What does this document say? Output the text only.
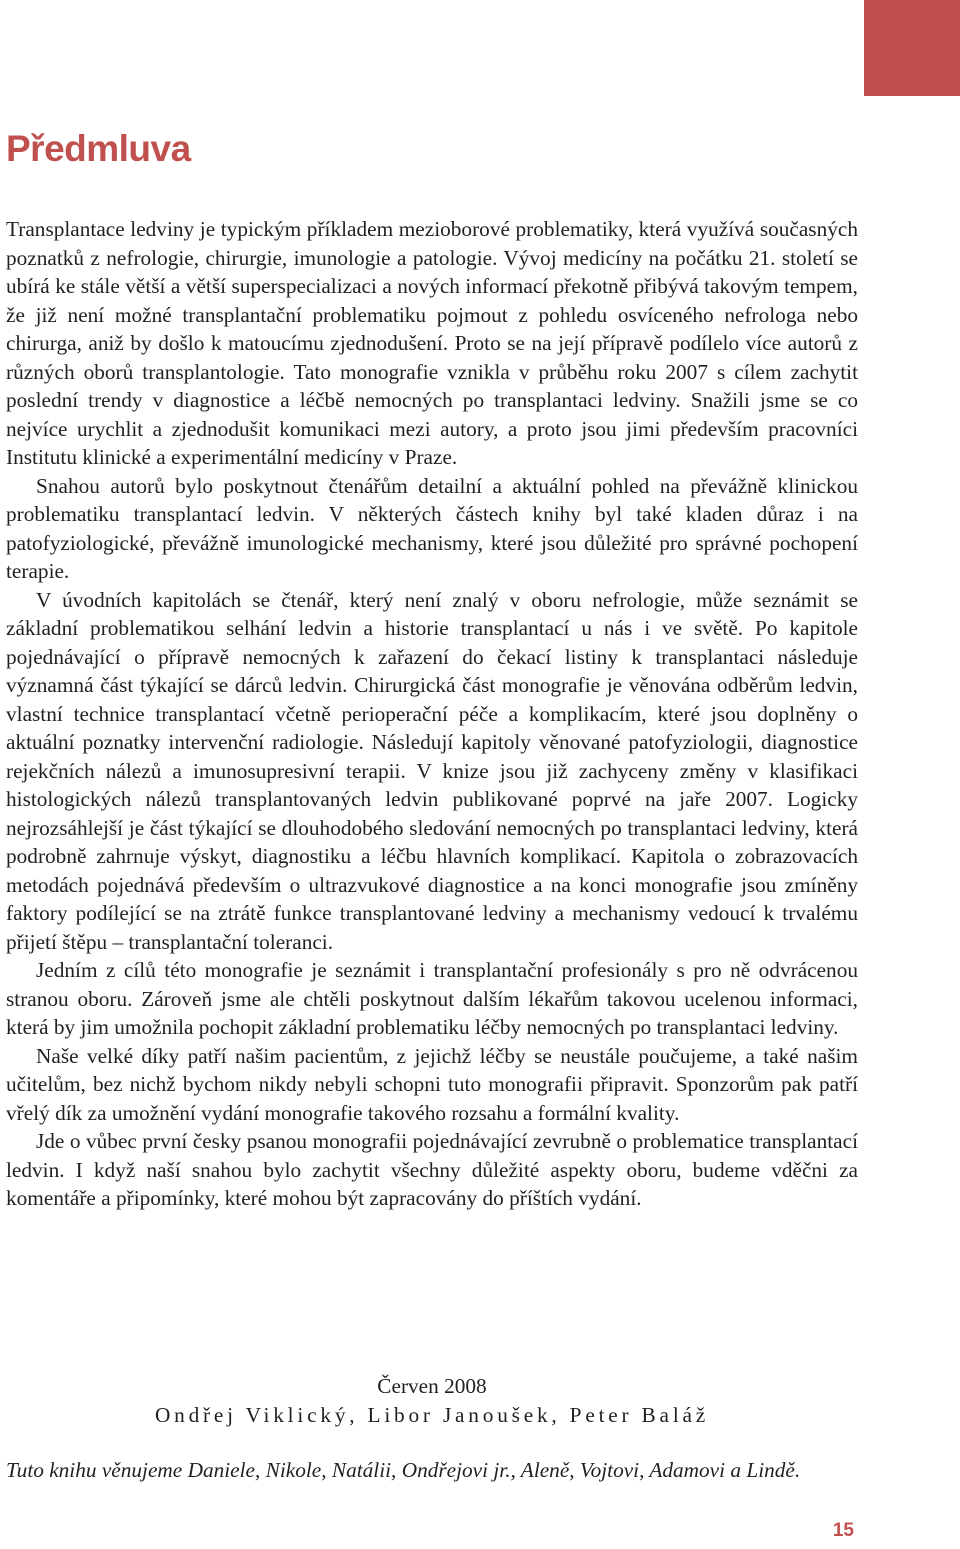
Předmluva

Transplantace ledviny je typickým příkladem mezioborové problematiky, která využívá současných poznatků z nefrologie, chirurgie, imunologie a patologie. Vývoj medicíny na počátku 21. století se ubírá ke stále větší a větší superspecializaci a nových informací překotně přibývá takovým tempem, že již není možné transplantační problematiku pojmout z pohledu osvíceného nefrologa nebo chirurga, aniž by došlo k matoucímu zjednodušení. Proto se na její přípravě podílelo více autorů z různých oborů transplantologie. Tato monografie vznikla v průběhu roku 2007 s cílem zachytit poslední trendy v diagnostice a léčbě nemocných po transplantaci ledviny. Snažili jsme se co nejvíce urychlit a zjednodušit komunikaci mezi autory, a proto jsou jimi především pracovníci Institutu klinické a experimentální medicíny v Praze.

Snahou autorů bylo poskytnout čtenářům detailní a aktuální pohled na převážně klinickou problematiku transplantací ledvin. V některých částech knihy byl také kladen důraz i na patofyziologické, převážně imunologické mechanismy, které jsou důležité pro správné pochopení terapie.

V úvodních kapitolách se čtenář, který není znalý v oboru nefrologie, může seznámit se základní problematikou selhání ledvin a historie transplantací u nás i ve světě. Po kapitole pojednávající o přípravě nemocných k zařazení do čekací listiny k transplantaci následuje významná část týkající se dárců ledvin. Chirurgická část monografie je věnována odběrům ledvin, vlastní technice transplantací včetně perioperační péče a komplikacím, které jsou doplněny o aktuální poznatky intervenční radiologie. Následují kapitoly věnované patofyziologii, diagnostice rejekčních nálezů a imunosupresivní terapii. V knize jsou již zachyceny změny v klasifikaci histologických nálezů transplantovaných ledvin publikované poprvé na jaře 2007. Logicky nejrozsáhlejší je část týkající se dlouhodobého sledování nemocných po transplantaci ledviny, která podrobně zahrnuje výskyt, diagnostiku a léčbu hlavních komplikací. Kapitola o zobrazovacích metodách pojednává především o ultrazvukové diagnostice a na konci monografie jsou zmíněny faktory podílející se na ztrátě funkce transplantované ledviny a mechanismy vedoucí k trvalému přijetí štěpu – transplantační toleranci.

Jedním z cílů této monografie je seznámit i transplantační profesionály s pro ně odvrácenou stranou oboru. Zároveň jsme ale chtěli poskytnout dalším lékařům takovou ucelenou informaci, která by jim umožnila pochopit základní problematiku léčby nemocných po transplantaci ledviny.

Naše velké díky patří našim pacientům, z jejichž léčby se neustále poučujeme, a také našim učitelům, bez nichž bychom nikdy nebyli schopni tuto monografii připravit. Sponzorům pak patří vřelý dík za umožnění vydání monografie takového rozsahu a formální kvality.

Jde o vůbec první česky psanou monografii pojednávající zevrubně o problematice transplantací ledvin. I když naší snahou bylo zachytit všechny důležité aspekty oboru, budeme vděčni za komentáře a připomínky, které mohou být zapracovány do příštích vydání.

Červen 2008
Ondřej Viklický, Libor Janoušek, Peter Baláž
Tuto knihu věnujeme Daniele, Nikole, Natálii, Ondřejovi jr., Aleně, Vojtovi, Adamovi a Lindě.
15
